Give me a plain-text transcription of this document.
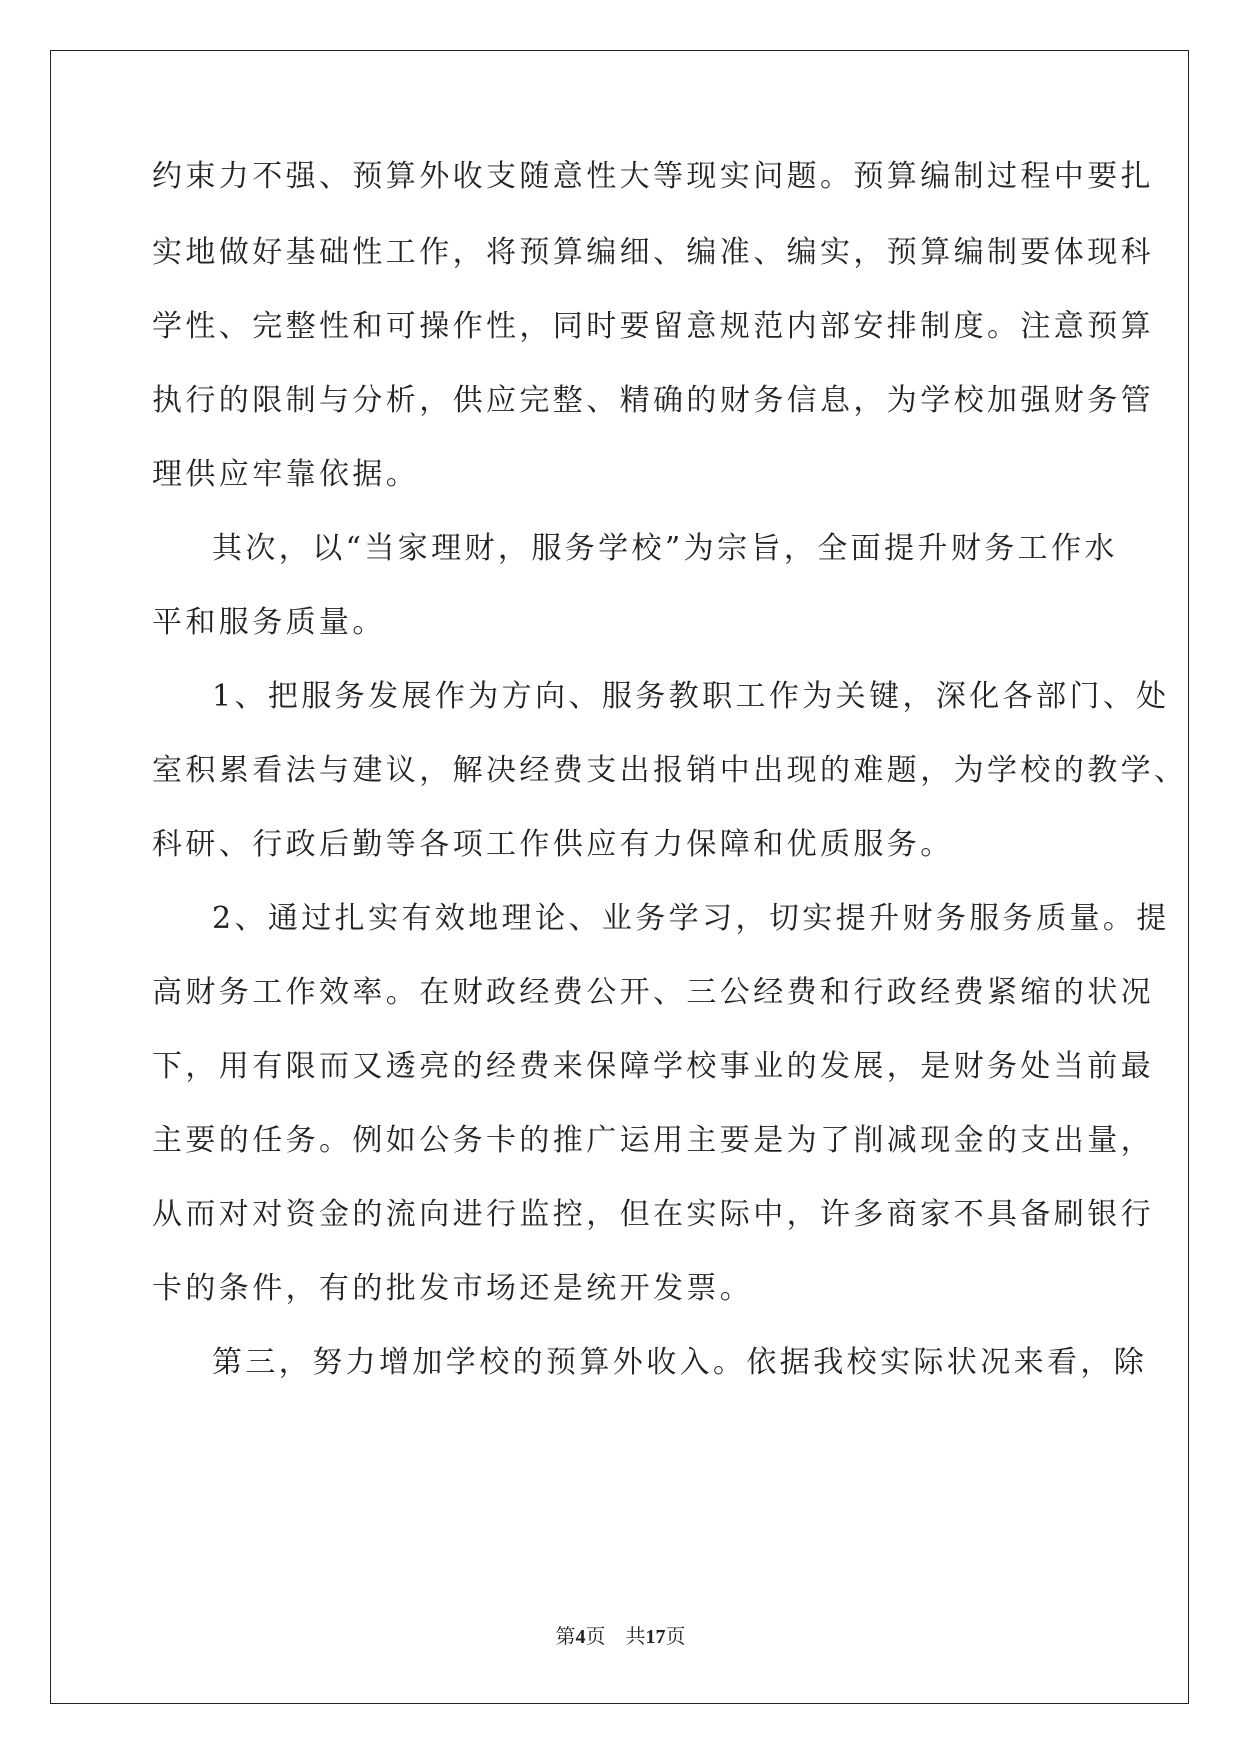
约束力不强、预算外收支随意性大等现实问题。预算编制过程中要扎
实地做好基础性工作，将预算编细、编准、编实，预算编制要体现科
学性、完整性和可操作性，同时要留意规范内部安排制度。注意预算
执行的限制与分析，供应完整、精确的财务信息，为学校加强财务管
理供应牢靠依据。
其次，以“当家理财，服务学校”为宗旨，全面提升财务工作水
平和服务质量。
1、把服务发展作为方向、服务教职工作为关键，深化各部门、处
室积累看法与建议，解决经费支出报销中出现的难题，为学校的教学、
科研、行政后勤等各项工作供应有力保障和优质服务。
2、通过扎实有效地理论、业务学习，切实提升财务服务质量。提
高财务工作效率。在财政经费公开、三公经费和行政经费紧缩的状况
下，用有限而又透亮的经费来保障学校事业的发展，是财务处当前最
主要的任务。例如公务卡的推广运用主要是为了削减现金的支出量，
从而对对资金的流向进行监控，但在实际中，许多商家不具备刷银行
卡的条件，有的批发市场还是统开发票。
第三，努力增加学校的预算外收入。依据我校实际状况来看，除
第4页 共17页
